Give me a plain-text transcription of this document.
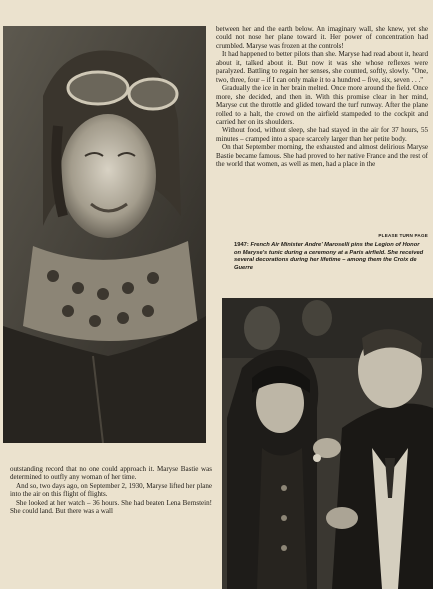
between her and the earth below. An imaginary wall, she knew, yet she could not nose her plane toward it. Her power of concentration had crumbled. Maryse was frozen at the controls!

It had happened to better pilots than she. Maryse had read about it, heard about it, talked about it. But now it was she whose reflexes were paralyzed. Battling to regain her senses, she counted, softly, slowly. "One, two, three, four – if I can only make it to a hundred – five, six, seven . . ."

Gradually the ice in her brain melted. Once more around the field. Once more, she decided, and then in. With this promise clear in her mind, Maryse cut the throttle and glided toward the turf runway. After the plane rolled to a halt, the crowd on the airfield stampeded to the cockpit and carried her on its shoulders.

Without food, without sleep, she had stayed in the air for 37 hours, 55 minutes – cramped into a space scarcely larger than her petite body.

On that September morning, the exhausted and almost delirious Maryse Bastie became famous. She had proved to her native France and the rest of the world that women, as well as men, had a place in the

PLEASE TURN PAGE
1947: French Air Minister Andre' Maroselli pins the Legion of Honor on Maryse's tunic during a ceremony at a Paris airfield. She received several decorations during her lifetime – among them the Croix de Guerre

outstanding record that no one could approach it. Maryse Bastie was determined to outfly any woman of her time.

And so, two days ago, on September 2, 1930, Maryse lifted her plane into the air on this flight of flights.

She looked at her watch – 36 hours. She had beaten Lena Bernstein! She could land. But there was a wall
